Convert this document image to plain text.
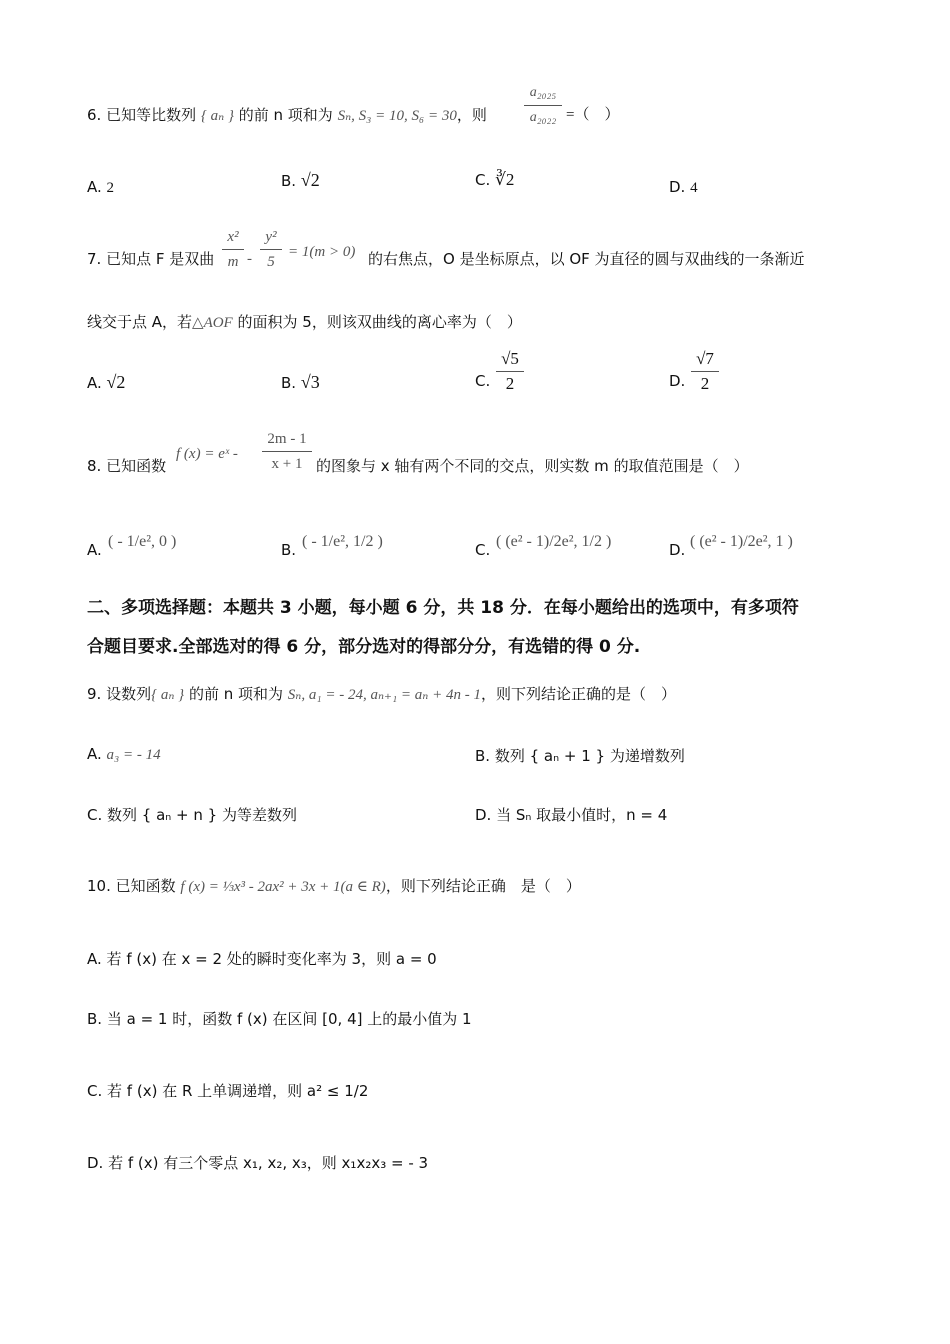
6. 已知等比数列 { aₙ } 的前 n 项和为 Sₙ, S₃ = 10, S₆ = 30，则
a₂₀₂₅
a₂₀₂₂ =（　）
A. 2	B. √2	C. ∛2	D. 4
7. 已知点 F 是双曲
x²
m -
y²
5
= 1(m > 0) 的右焦点，O 是坐标原点，以 OF 为直径的圆与双曲线的一条渐近
线交于点 A，若△AOF 的面积为 5，则该双曲线的离心率为（　）
A. √2	B. √3	C.
√5
2	D.
√7
2
8. 已知函数
f (x) = eˣ -
2m - 1
x + 1 的图象与 x 轴有两个不同的交点，则实数 m 的取值范围是（　）
A. ( - 1/e², 0 )	B. ( - 1/e², 1/2 )	C. ( (e² - 1)/2e², 1/2 )	D. ( (e² - 1)/2e², 1 )
二、多项选择题：本题共 3 小题，每小题 6 分，共 18 分．在每小题给出的选项中，有多项符
合题目要求.全部选对的得 6 分，部分选对的得部分分，有选错的得 0 分.
9. 设数列{ aₙ } 的前 n 项和为 Sₙ, a₁ = - 24, aₙ₊₁ = aₙ + 4n - 1，则下列结论正确的是（　）
A. a₃ = - 14	B. 数列 { aₙ + 1 } 为递增数列
C. 数列 { aₙ + n } 为等差数列	D. 当 Sₙ 取最小值时，n = 4
10. 已知函数 f (x) = ⅓x³ - 2ax² + 3x + 1(a ∈ R)，则下列结论正确　是（　）
A. 若 f (x) 在 x = 2 处的瞬时变化率为 3，则 a = 0
B. 当 a = 1 时，函数 f (x) 在区间 [0, 4] 上的最小值为 1
C. 若 f (x) 在 R 上单调递增，则 a² ≤ 1/2
D. 若 f (x) 有三个零点 x₁, x₂, x₃，则 x₁x₂x₃ = - 3
